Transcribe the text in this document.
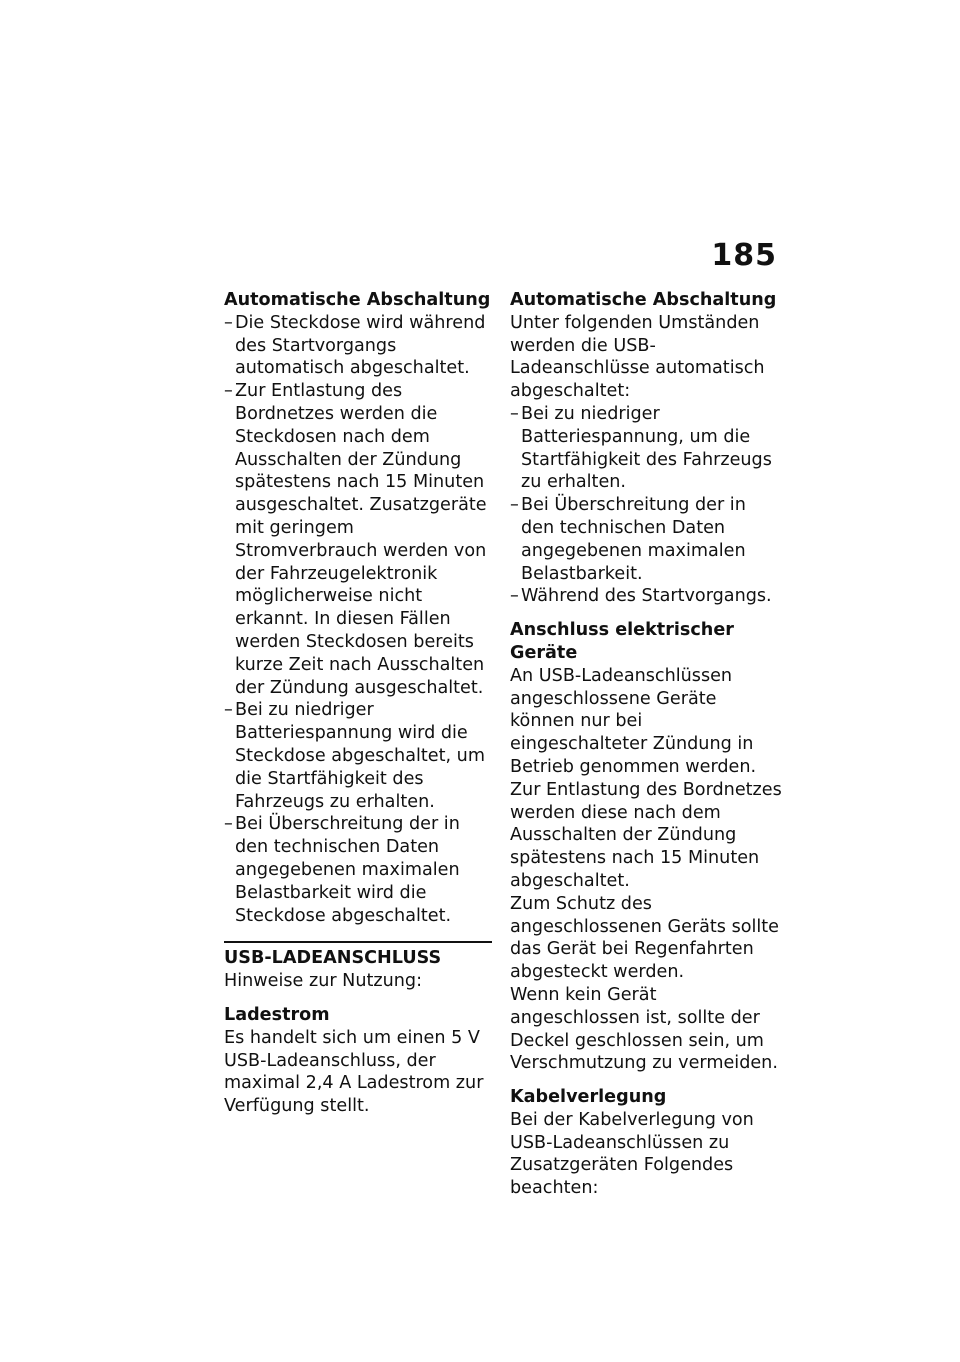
185

Automatische Abschaltung

– Die Steckdose wird während des Startvorgangs automatisch abgeschaltet.
– Zur Entlastung des Bordnetzes werden die Steckdosen nach dem Ausschalten der Zündung spätestens nach 15 Minuten ausgeschaltet. Zusatzgeräte mit geringem Stromverbrauch werden von der Fahrzeugelektronik möglicherweise nicht erkannt. In diesen Fällen werden Steckdosen bereits kurze Zeit nach Ausschalten der Zündung ausgeschaltet.
– Bei zu niedriger Batteriespannung wird die Steckdose abgeschaltet, um die Startfähigkeit des Fahrzeugs zu erhalten.
– Bei Überschreitung der in den technischen Daten angegebenen maximalen Belastbarkeit wird die Steckdose abgeschaltet.
USB-LADEANSCHLUSS

Hinweise zur Nutzung:

Ladestrom

Es handelt sich um einen 5 V USB-Ladeanschluss, der maximal 2,4 A Ladestrom zur Verfügung stellt.

Automatische Abschaltung

Unter folgenden Umständen werden die USB-Ladeanschlüsse automatisch abgeschaltet:

– Bei zu niedriger Batteriespannung, um die Startfähigkeit des Fahrzeugs zu erhalten.
– Bei Überschreitung der in den technischen Daten angegebenen maximalen Belastbarkeit.
– Während des Startvorgangs.

Anschluss elektrischer Geräte

An USB-Ladeanschlüssen angeschlossene Geräte können nur bei eingeschalteter Zündung in Betrieb genommen werden.

Zur Entlastung des Bordnetzes werden diese nach dem Ausschalten der Zündung spätestens nach 15 Minuten abgeschaltet.

Zum Schutz des angeschlossenen Geräts sollte das Gerät bei Regenfahrten abgesteckt werden.

Wenn kein Gerät angeschlossen ist, sollte der Deckel geschlossen sein, um Verschmutzung zu vermeiden.

Kabelverlegung

Bei der Kabelverlegung von USB-Ladeanschlüssen zu Zusatzgeräten Folgendes beachten:
